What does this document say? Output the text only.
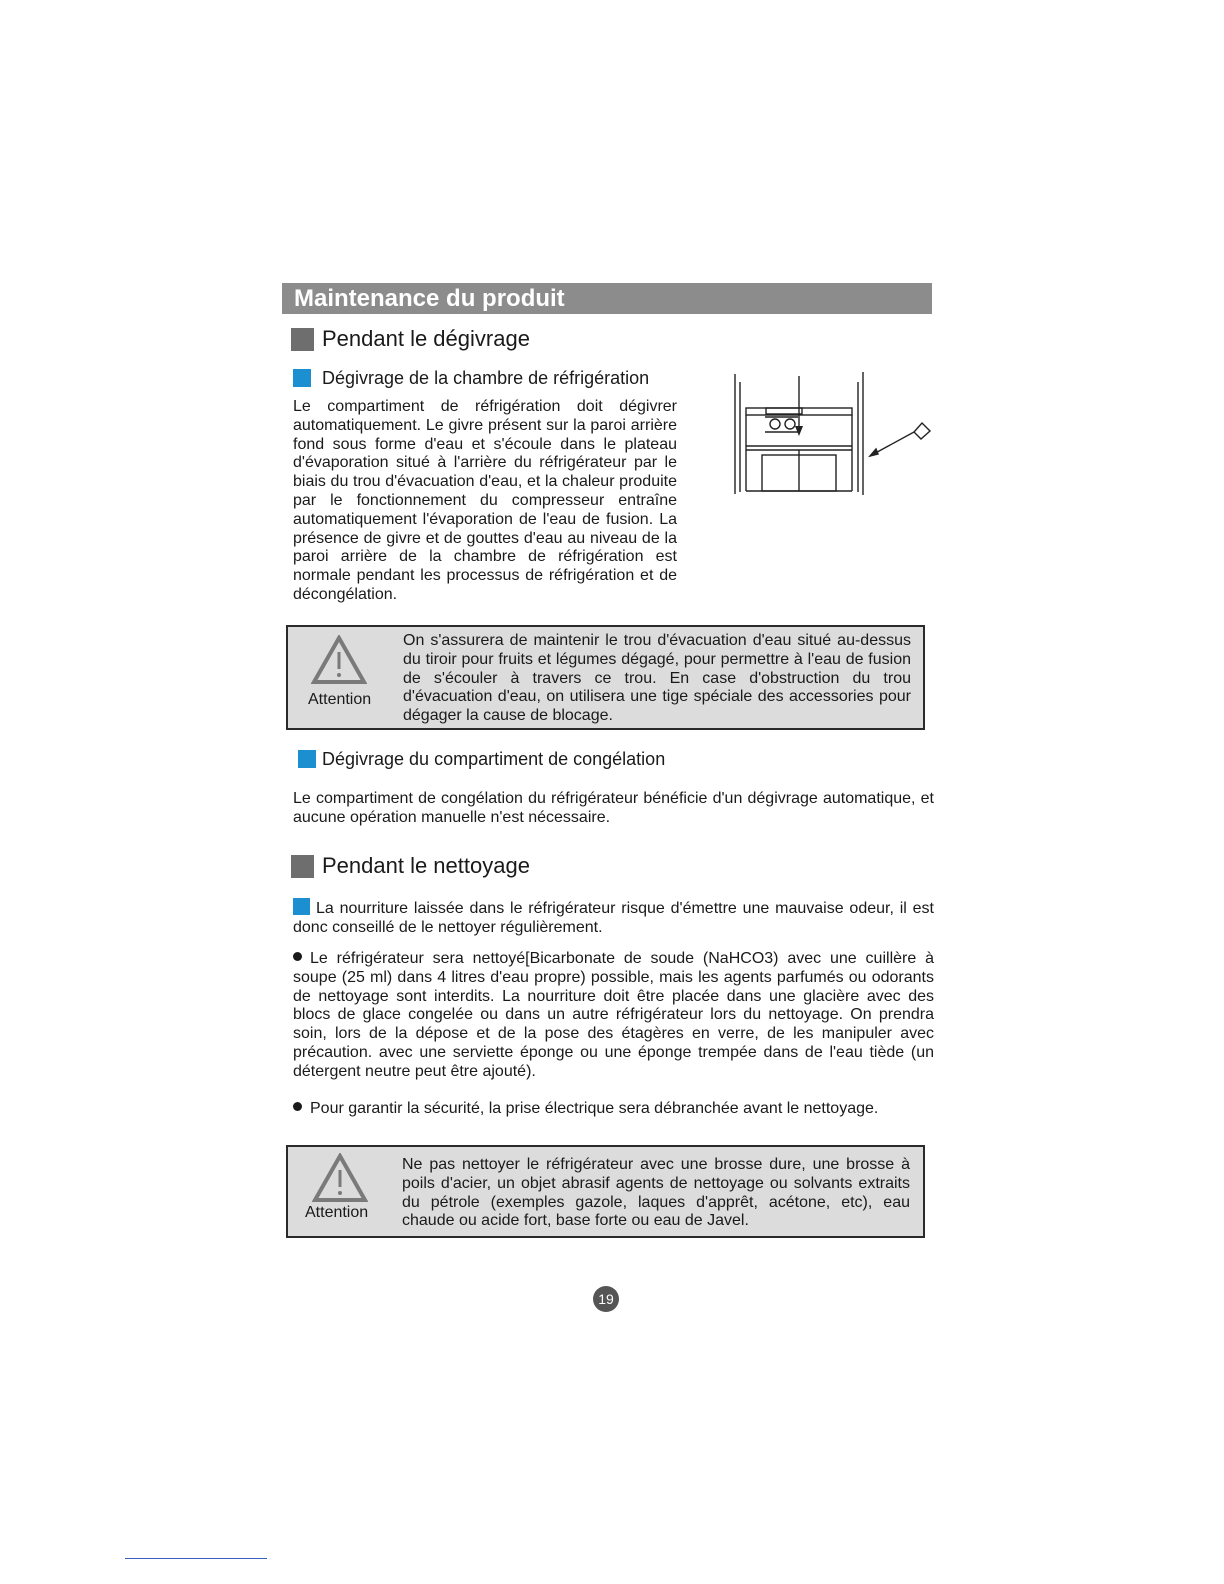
Maintenance du produit
Pendant le dégivrage
Dégivrage de la chambre de réfrigération
Le compartiment de réfrigération doit dégivrer automatiquement. Le givre présent sur la paroi arrière fond sous forme d'eau et s'écoule dans le plateau d'évaporation situé à l'arrière du réfrigérateur par le biais du trou d'évacuation d'eau, et la chaleur produite par le fonctionnement du compresseur entraîne automatiquement l'évaporation de l'eau de fusion. La présence de givre et de gouttes d'eau au niveau de la paroi arrière de la chambre de réfrigération est normale pendant les processus de réfrigération et de décongélation.
Attention
On s'assurera de maintenir le trou d'évacuation d'eau situé au-dessus du tiroir pour fruits et légumes dégagé, pour permettre à l'eau de fusion de s'écouler à travers ce trou. En case d'obstruction du trou d'évacuation d'eau, on utilisera une tige spéciale des accessories pour dégager la cause de blocage.
Dégivrage du compartiment de congélation
Le compartiment de congélation du réfrigérateur bénéficie d'un dégivrage automatique, et aucune opération manuelle n'est nécessaire.
Pendant le nettoyage
La nourriture laissée dans le réfrigérateur risque d'émettre une mauvaise odeur, il est donc conseillé de le nettoyer régulièrement.
Le réfrigérateur sera nettoyé[Bicarbonate de soude (NaHCO3) avec une cuillère à soupe (25 ml) dans 4 litres d'eau propre) possible, mais les agents parfumés ou odorants de nettoyage sont interdits. La nourriture doit être placée dans une glacière avec des blocs de glace congelée ou dans un autre réfrigérateur lors du nettoyage. On prendra soin, lors de la dépose et de la pose des étagères en verre, de les manipuler avec précaution. avec une serviette éponge ou une éponge trempée dans de l'eau tiède (un détergent neutre peut être ajouté).
Pour garantir la sécurité, la prise électrique sera débranchée avant le nettoyage.
Attention
Ne pas nettoyer le réfrigérateur avec une brosse dure, une brosse à poils d'acier, un objet abrasif agents de nettoyage ou solvants extraits du pétrole (exemples gazole, laques d'apprêt, acétone, etc), eau chaude ou acide fort, base forte ou eau de Javel.
19
